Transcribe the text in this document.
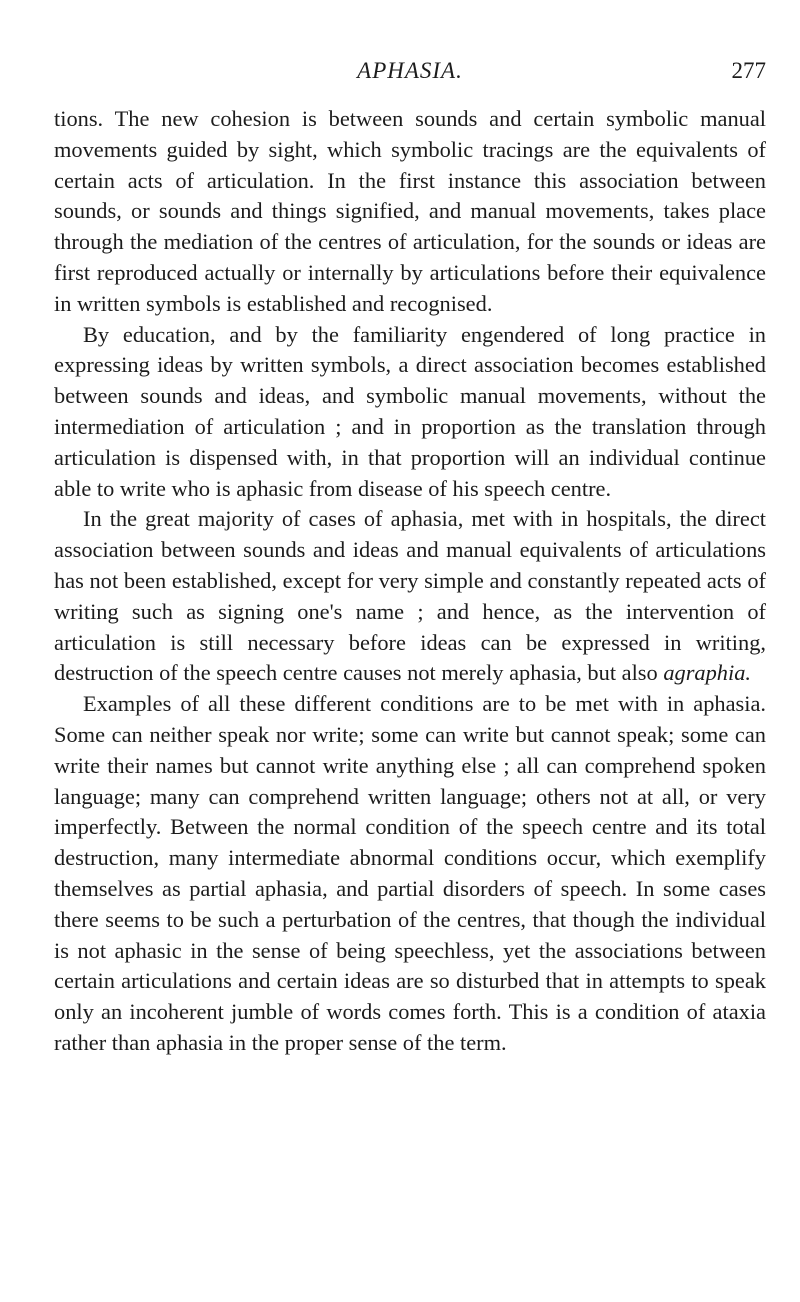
APHASIA.	277

tions. The new cohesion is between sounds and certain symbolic manual movements guided by sight, which symbolic tracings are the equivalents of certain acts of articulation. In the first instance this association between sounds, or sounds and things signified, and manual movements, takes place through the mediation of the centres of articulation, for the sounds or ideas are first reproduced actually or internally by articulations before their equivalence in written symbols is established and recognised.

By education, and by the familiarity engendered of long practice in expressing ideas by written symbols, a direct association becomes established between sounds and ideas, and symbolic manual movements, without the intermediation of articulation ; and in proportion as the translation through articulation is dispensed with, in that proportion will an individual continue able to write who is aphasic from disease of his speech centre.

In the great majority of cases of aphasia, met with in hospitals, the direct association between sounds and ideas and manual equivalents of articulations has not been established, except for very simple and constantly repeated acts of writing such as signing one's name ; and hence, as the intervention of articulation is still necessary before ideas can be expressed in writing, destruction of the speech centre causes not merely aphasia, but also agraphia.

Examples of all these different conditions are to be met with in aphasia. Some can neither speak nor write; some can write but cannot speak; some can write their names but cannot write anything else ; all can comprehend spoken language; many can comprehend written language; others not at all, or very imperfectly. Between the normal condition of the speech centre and its total destruction, many intermediate abnormal conditions occur, which exemplify themselves as partial aphasia, and partial disorders of speech. In some cases there seems to be such a perturbation of the centres, that though the individual is not aphasic in the sense of being speechless, yet the associations between certain articulations and certain ideas are so disturbed that in attempts to speak only an incoherent jumble of words comes forth. This is a condition of ataxia rather than aphasia in the proper sense of the term.
